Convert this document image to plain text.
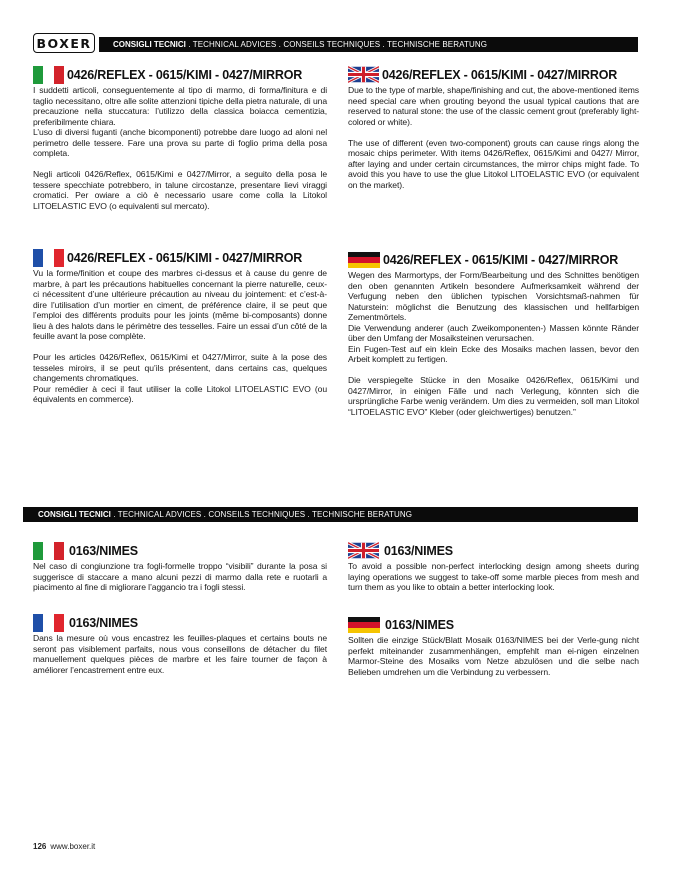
BOXER	CONSIGLI TECNICI . TECHNICAL ADVICES . CONSEILS TECHNIQUES . TECHNISCHE BERATUNG
0426/REFLEX - 0615/KIMI - 0427/MIRROR

I suddetti articoli, conseguentemente al tipo di marmo, di forma/finitura e di taglio necessitano, oltre alle solite attenzioni tipiche della pietra naturale, di una precauzione nella stuccatura: l’utilizzo della classica boiacca cementizia, preferibilmente chiara.

L’uso di diversi fuganti (anche bicomponenti) potrebbe dare luogo ad aloni nel perimetro delle tessere. Fare una prova su parte di foglio prima della posa completa.

Negli articoli 0426/Reflex, 0615/Kimi e 0427/Mirror, a seguito della posa le tessere specchiate potrebbero, in talune circostanze, presentare lievi viraggi cromatici. Per owiare a ciò è necessario usare come colla la Litokol LITOELASTIC EVO (o equivalenti sul mercato).

0426/REFLEX - 0615/KIMI - 0427/MIRROR

Due to the type of marble, shape/finishing and cut, the above-mentioned items need special care when grouting beyond the usual typical cautions that are reserved to natural stone: the use of the classic cement grout (preferably light-colored or white).

The use of different (even two-component) grouts can cause rings along the mosaic chips perimeter. With items 0426/Reflex, 0615/Kimi and 0427/ Mirror, after laying and under certain circumstances, the mirror chips might fade. To avoid this you have to use the glue Litokol LITOELASTIC EVO (or equivalent on the market).

0426/REFLEX - 0615/KIMI - 0427/MIRROR

Vu la forme/finition et coupe des marbres ci-dessus et à cause du genre de marbre, à part les précautions habituelles concernant la pierre naturelle, ceux-ci nécessitent d’une ultérieure précaution au niveau du jointement: et c’est-à-dire l’utilisation d’un mortier en ciment, de préférence claire, il se peut que l’emploi des différents produits pour les joints (même bi-composants) donne lieu à des halots dans le périmètre des tesselles. Faire un essai d’un côté de la feuille avant la pose complète.

Pour les articles 0426/Reflex, 0615/Kimi et 0427/Mirror, suite à la pose des tesseles miroirs, il se peut qu’ils présentent, dans certains cas, quelques changements chromatiques.

Pour remédier à ceci il faut utiliser la colle Litokol LITOELASTIC EVO (ou équivalents en commerce).

0426/REFLEX - 0615/KIMI - 0427/MIRROR

Wegen des Marmortyps, der Form/Bearbeitung und des Schnittes benötigen den oben genannten Artikeln besondere Aufmerksamkeit während der Verfugung neben den üblichen typischen Vorsichtsmaß-nahmen für Naturstein: möglichst die Benutzung des klassischen und hellfarbigen Zementmörtels.

Die Verwendung anderer (auch Zweikomponenten-) Massen könnte Ränder über den Umfang der Mosaiksteinen verursachen.

Ein Fugen-Test auf ein klein Ecke des Mosaiks machen lassen, bevor den Arbeit komplett zu fertigen.

Die verspiegelte Stücke in den Mosaike 0426/Reflex, 0615/Kimi und 0427/Mirror, in einigen Fälle und nach Verlegung, könnten sich die ursprüngliche Farbe wenig verändern. Um dies zu vermeiden, soll man Litokol “LITOELASTIC EVO” Kleber (oder gleichwertiges) benutzen.”

CONSIGLI TECNICI . TECHNICAL ADVICES . CONSEILS TECHNIQUES . TECHNISCHE BERATUNG
0163/NIMES

Nel caso di congiunzione tra fogli-formelle troppo “visibili” durante la posa si suggerisce di staccare a mano alcuni pezzi di marmo dalla rete e ruotarli a piacimento al fine di migliorare l’aggancio tra i fogli stessi.

0163/NIMES

To avoid a possible non-perfect interlocking design among sheets during laying operations we suggest to take-off some marble pieces from mesh and turn them as you like to obtain a better interlocking look.

0163/NIMES

Dans la mesure où vous encastrez les feuilles-plaques et certains bouts ne seront pas visiblement parfaits, nous vous conseillons de détacher du filet manuellement quelques pièces de marbre et les faire tourner de façon à améliorer l’encastrement entre eux.

0163/NIMES

Sollten die einzige Stück/Blatt Mosaik 0163/NIMES bei der Verle-gung nicht perfekt miteinander zusammenhängen, empfehlt man ei-nigen einzelnen Marmor-Steine des Mosaiks vom Netze abzulösen und die selbe nach Belieben umdrehen um die Verbindung zu verbessern.

126 www.boxer.it
